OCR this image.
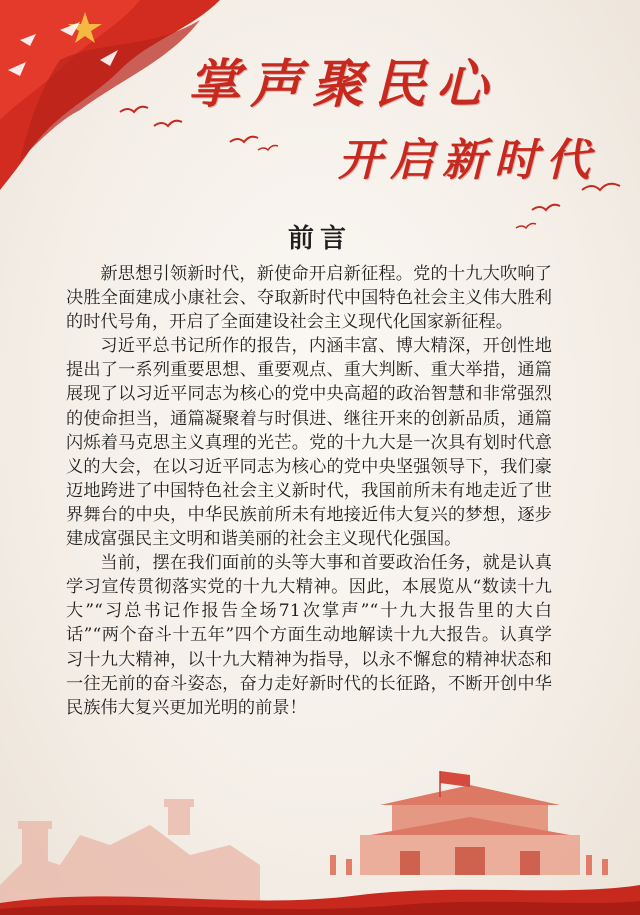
掌声聚民心
开启新时代
前言

新思想引领新时代，新使命开启新征程。党的十九大吹响了决胜全面建成小康社会、夺取新时代中国特色社会主义伟大胜利的时代号角，开启了全面建设社会主义现代化国家新征程。

习近平总书记所作的报告，内涵丰富、博大精深，开创性地提出了一系列重要思想、重要观点、重大判断、重大举措，通篇展现了以习近平同志为核心的党中央高超的政治智慧和非常强烈的使命担当，通篇凝聚着与时俱进、继往开来的创新品质，通篇闪烁着马克思主义真理的光芒。党的十九大是一次具有划时代意义的大会，在以习近平同志为核心的党中央坚强领导下，我们豪迈地跨进了中国特色社会主义新时代，我国前所未有地走近了世界舞台的中央，中华民族前所未有地接近伟大复兴的梦想，逐步建成富强民主文明和谐美丽的社会主义现代化强国。

当前，摆在我们面前的头等大事和首要政治任务，就是认真学习宣传贯彻落实党的十九大精神。因此，本展览从“数读十九大”“习总书记作报告全场71次掌声”“十九大报告里的大白话”“两个奋斗十五年”四个方面生动地解读十九大报告。认真学习十九大精神，以十九大精神为指导，以永不懈怠的精神状态和一往无前的奋斗姿态，奋力走好新时代的长征路，不断开创中华民族伟大复兴更加光明的前景！
